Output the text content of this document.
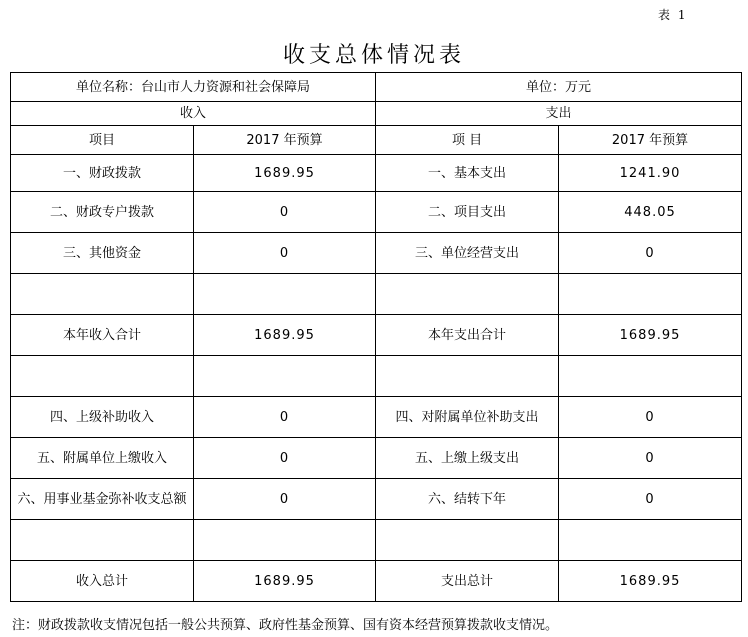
表 1
收支总体情况表
单位名称：台山市人力资源和社会保障局		单位：万元	
收入		支出	
项目	2017 年预算	项 目	2017 年预算
一、财政拨款	1689.95	一、基本支出	1241.90
二、财政专户拨款	0	二、项目支出	448.05
三、其他资金	0	三、单位经营支出	0

本年收入合计	1689.95	本年支出合计	1689.95

四、上级补助收入	0	四、对附属单位补助支出	0
五、附属单位上缴收入	0	五、上缴上级支出	0
六、用事业基金弥补收支总额	0	六、结转下年	0

收入总计	1689.95	支出总计	1689.95
注：财政拨款收支情况包括一般公共预算、政府性基金预算、国有资本经营预算拨款收支情况。
